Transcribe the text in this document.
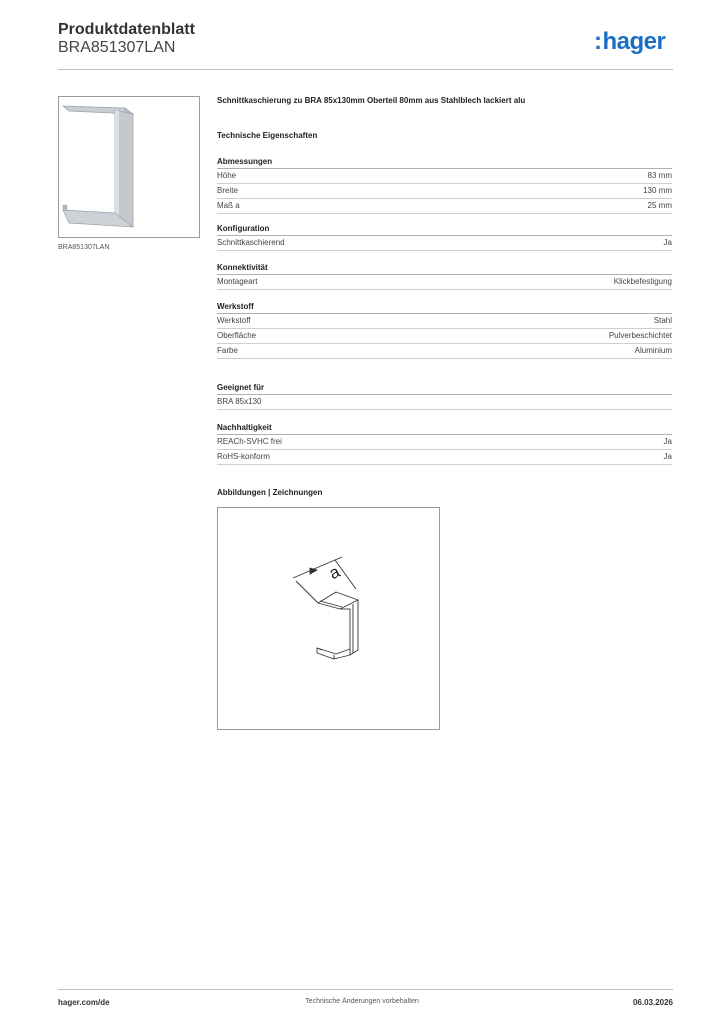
Produktdatenblatt
BRA851307LAN	:hager
BRA851307LAN
Schnittkaschierung zu BRA 85x130mm Oberteil 80mm aus Stahlblech lackiert alu
Technische Eigenschaften
Abmessungen
Höhe	83 mm
Breite	130 mm
Maß a	25 mm
Konfiguration
Schnittkaschierend	Ja
Konnektivität
Montageart	Klickbefestigung
Werkstoff
Werkstoff	Stahl
Oberfläche	Pulverbeschichtet
Farbe	Aluminium
Geeignet für
BRA 85x130
Nachhaltigkeit
REACh-SVHC frei	Ja
RoHS-konform	Ja
Abbildungen | Zeichnungen
a
hager.com/de	Technische Änderungen vorbehalten	06.03.2026
